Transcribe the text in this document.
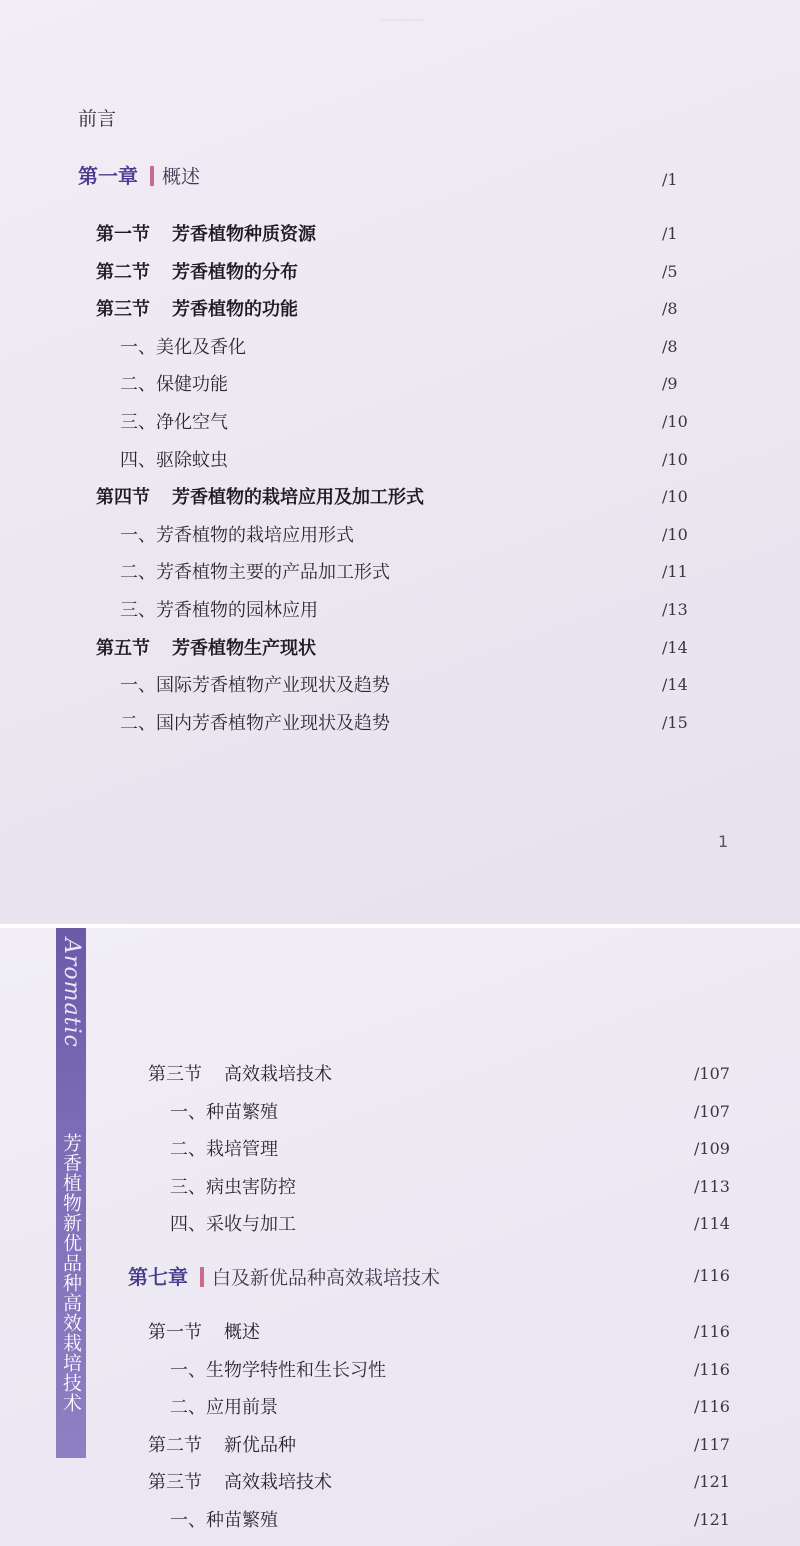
———
前言
第一章 概述	/1
第一节 芳香植物种质资源	/1
第二节 芳香植物的分布	/5
第三节 芳香植物的功能	/8
一、美化及香化	/8
二、保健功能	/9
三、净化空气	/10
四、驱除蚊虫	/10
第四节 芳香植物的栽培应用及加工形式	/10
一、芳香植物的栽培应用形式	/10
二、芳香植物主要的产品加工形式	/11
三、芳香植物的园林应用	/13
第五节 芳香植物生产现状	/14
一、国际芳香植物产业现状及趋势	/14
二、国内芳香植物产业现状及趋势	/15
1
Aromatic
芳香植物新优品种高效栽培技术
第三节 高效栽培技术	/107
一、种苗繁殖	/107
二、栽培管理	/109
三、病虫害防控	/113
四、采收与加工	/114
第七章 白及新优品种高效栽培技术	/116
第一节 概述	/116
一、生物学特性和生长习性	/116
二、应用前景	/116
第二节 新优品种	/117
第三节 高效栽培技术	/121
一、种苗繁殖	/121
